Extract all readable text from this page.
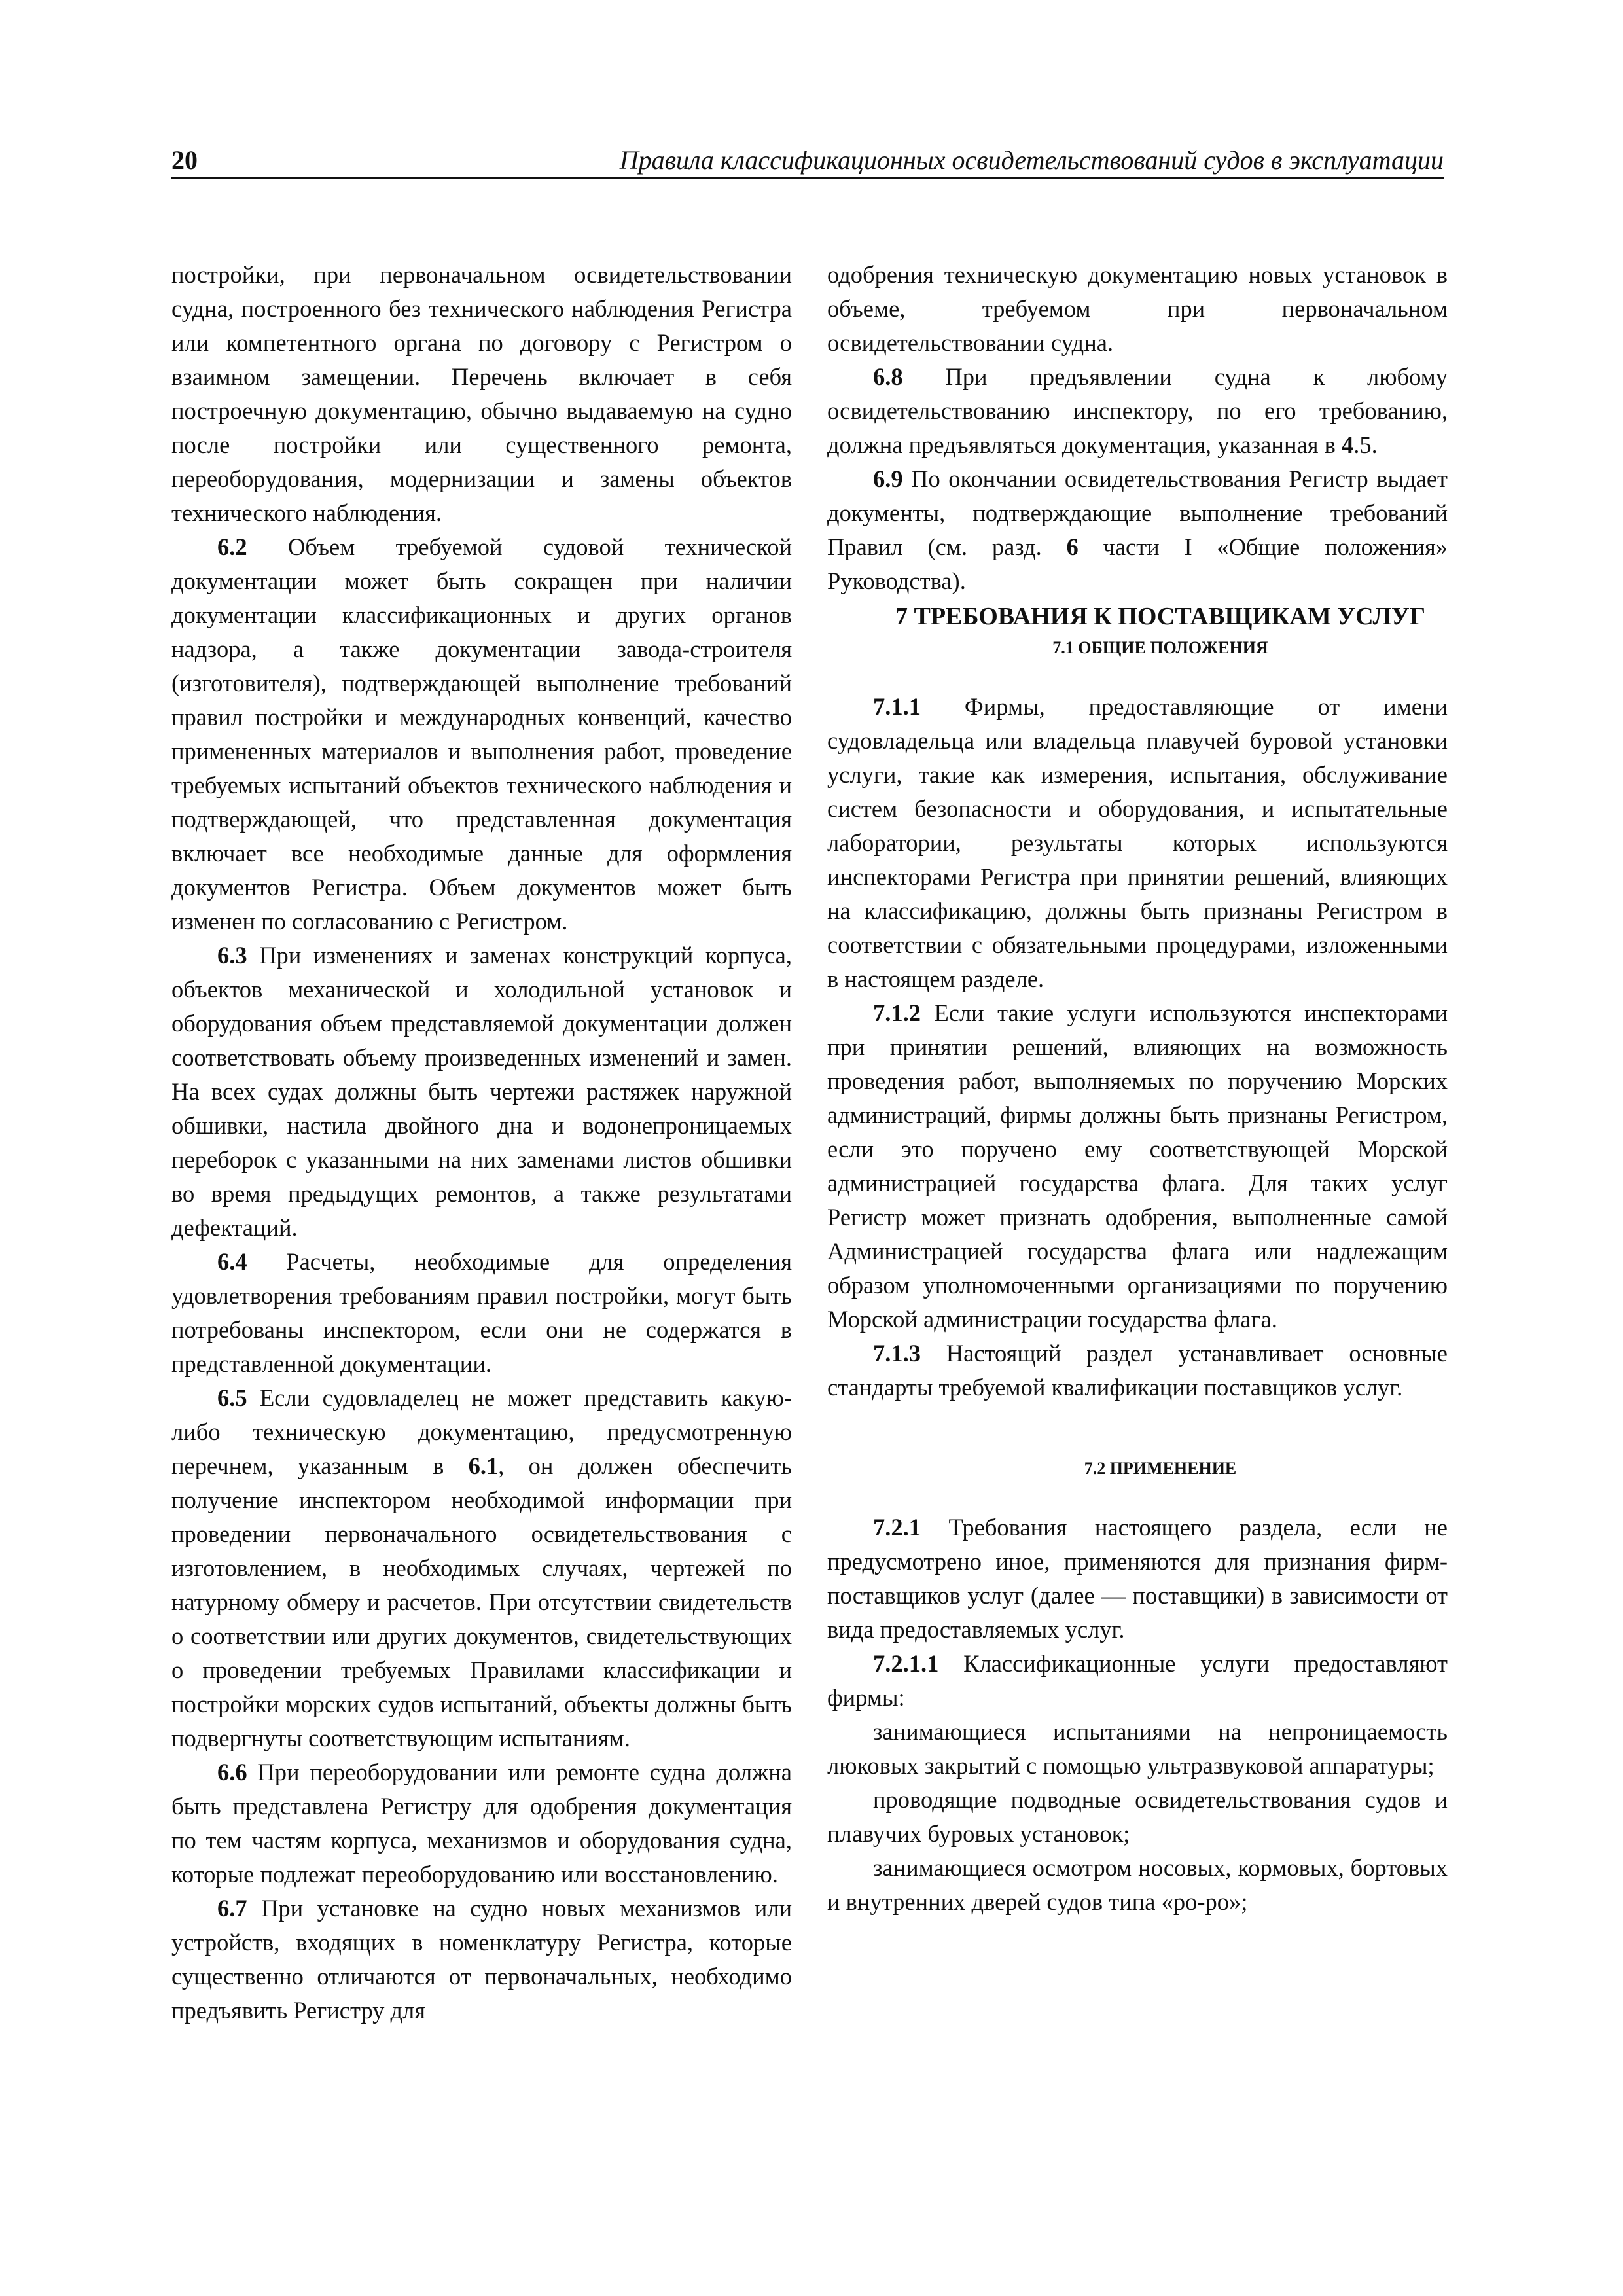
20	Правила классификационных освидетельствований судов в эксплуатации

постройки, при первоначальном освидетельствовании судна, построенного без технического наблюдения Регистра или компетентного органа по договору с Регистром о взаимном замещении. Перечень включает в себя построечную документацию, обычно выдаваемую на судно после постройки или существенного ремонта, переоборудования, модернизации и замены объектов технического наблюдения.

6.2 Объем требуемой судовой технической документации может быть сокращен при наличии документации классификационных и других органов надзора, а также документации завода-строителя (изготовителя), подтверждающей выполнение требований правил постройки и международных конвенций, качество примененных материалов и выполнения работ, проведение требуемых испытаний объектов технического наблюдения и подтверждающей, что представленная документация включает все необходимые данные для оформления документов Регистра. Объем документов может быть изменен по согласованию с Регистром.

6.3 При изменениях и заменах конструкций корпуса, объектов механической и холодильной установок и оборудования объем представляемой документации должен соответствовать объему произведенных изменений и замен. На всех судах должны быть чертежи растяжек наружной обшивки, настила двойного дна и водонепроницаемых переборок с указанными на них заменами листов обшивки во время предыдущих ремонтов, а также результатами дефектаций.

6.4 Расчеты, необходимые для определения удовлетворения требованиям правил постройки, могут быть потребованы инспектором, если они не содержатся в представленной документации.

6.5 Если судовладелец не может представить какую-либо техническую документацию, предусмотренную перечнем, указанным в 6.1, он должен обеспечить получение инспектором необходимой информации при проведении первоначального освидетельствования с изготовлением, в необходимых случаях, чертежей по натурному обмеру и расчетов. При отсутствии свидетельств о соответствии или других документов, свидетельствующих о проведении требуемых Правилами классификации и постройки морских судов испытаний, объекты должны быть подвергнуты соответствующим испытаниям.

6.6 При переоборудовании или ремонте судна должна быть представлена Регистру для одобрения документация по тем частям корпуса, механизмов и оборудования судна, которые подлежат переоборудованию или восстановлению.

6.7 При установке на судно новых механизмов или устройств, входящих в номенклатуру Регистра, которые существенно отличаются от первоначальных, необходимо предъявить Регистру для

одобрения техническую документацию новых установок в объеме, требуемом при первоначальном освидетельствовании судна.

6.8 При предъявлении судна к любому освидетельствованию инспектору, по его требованию, должна предъявляться документация, указанная в 4.5.

6.9 По окончании освидетельствования Регистр выдает документы, подтверждающие выполнение требований Правил (см. разд. 6 части I «Общие положения» Руководства).

7 ТРЕБОВАНИЯ К ПОСТАВЩИКАМ УСЛУГ

7.1 ОБЩИЕ ПОЛОЖЕНИЯ

7.1.1 Фирмы, предоставляющие от имени судовладельца или владельца плавучей буровой установки услуги, такие как измерения, испытания, обслуживание систем безопасности и оборудования, и испытательные лаборатории, результаты которых используются инспекторами Регистра при принятии решений, влияющих на классификацию, должны быть признаны Регистром в соответствии с обязательными процедурами, изложенными в настоящем разделе.

7.1.2 Если такие услуги используются инспекторами при принятии решений, влияющих на возможность проведения работ, выполняемых по поручению Морских администраций, фирмы должны быть признаны Регистром, если это поручено ему соответствующей Морской администрацией государства флага. Для таких услуг Регистр может признать одобрения, выполненные самой Администрацией государства флага или надлежащим образом уполномоченными организациями по поручению Морской администрации государства флага.

7.1.3 Настоящий раздел устанавливает основные стандарты требуемой квалификации поставщиков услуг.

7.2 ПРИМЕНЕНИЕ

7.2.1 Требования настоящего раздела, если не предусмотрено иное, применяются для признания фирм-поставщиков услуг (далее — поставщики) в зависимости от вида предоставляемых услуг.

7.2.1.1 Классификационные услуги предоставляют фирмы:

занимающиеся испытаниями на непроницаемость люковых закрытий с помощью ультразвуковой аппаратуры;

проводящие подводные освидетельствования судов и плавучих буровых установок;

занимающиеся осмотром носовых, кормовых, бортовых и внутренних дверей судов типа «ро-ро»;
